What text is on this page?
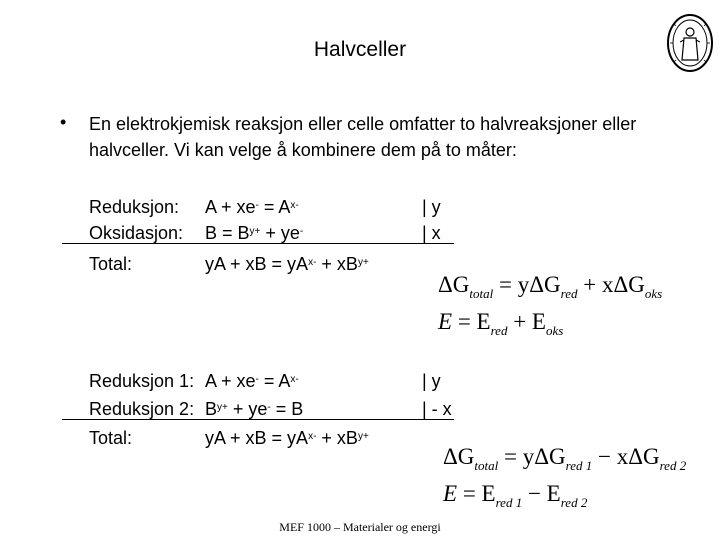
Halvceller
• En elektrokjemisk reaksjon eller celle omfatter to halvreaksjoner eller halvceller. Vi kan velge å kombinere dem på to måter:
Reduksjon: $A + xe^- = A^{x-}$	| y
Oksidasjon: $B = B^{y+} + ye^-$	| x
Total:	yA + xB = $yA^{x-} + xB^{y+}$
$\Delta G_{total} = y\Delta G_{red} + x\Delta G_{oks}$
$E = E_{red} + E_{oks}$
Reduksjon 1: $A + xe^- = A^{x-}$	| y
Reduksjon 2: $B^{y+} + ye^- = B$	| - x
Total:	yA + xB = $yA^{x-} + xB^{y+}$
$\Delta G_{total} = y\Delta G_{red 1} - x\Delta G_{red 2}$
$E = E_{red 1} - E_{red 2}$
MEF 1000 – Materialer og energi
